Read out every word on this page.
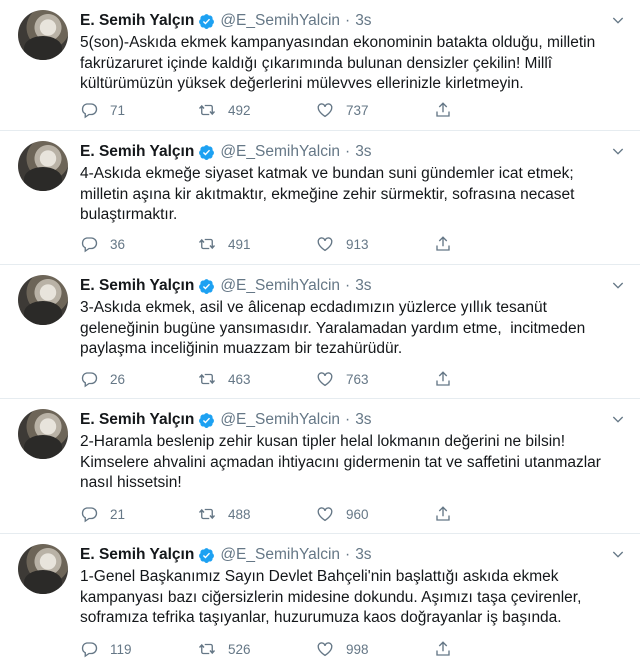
E. Semih Yalçın @E_SemihYalcin · 3s
5(son)-Askıda ekmek kampanyasından ekonominin batakta olduğu, milletin
fakrüzaruret içinde kaldığı çıkarımında bulunan densizler çekilin! Millî
kültürümüzün yüksek değerlerini mülevves ellerinizle kirletmeyin.
71	492	737
E. Semih Yalçın @E_SemihYalcin · 3s
4-Askıda ekmeğe siyaset katmak ve bundan suni gündemler icat etmek;
milletin aşına kir akıtmaktır, ekmeğine zehir sürmektir, sofrasına necaset
bulaştırmaktır.
36	491	913
E. Semih Yalçın @E_SemihYalcin · 3s
3-Askıda ekmek, asil ve âlicenap ecdadımızın yüzlerce yıllık tesanüt
geleneğinin bugüne yansımasıdır. Yaralamadan yardım etme,  incitmeden
paylaşma inceliğinin muazzam bir tezahürüdür.
26	463	763
E. Semih Yalçın @E_SemihYalcin · 3s
2-Haramla beslenip zehir kusan tipler helal lokmanın değerini ne bilsin!
Kimselere ahvalini açmadan ihtiyacını gidermenin tat ve saffetini utanmazlar
nasıl hissetsin!
21	488	960
E. Semih Yalçın @E_SemihYalcin · 3s
1-Genel Başkanımız Sayın Devlet Bahçeli'nin başlattığı askıda ekmek
kampanyası bazı ciğersizlerin midesine dokundu. Aşımızı taşa çevirenler,
soframıza tefrika taşıyanlar, huzurumuza kaos doğrayanlar iş başında.
119	526	998
